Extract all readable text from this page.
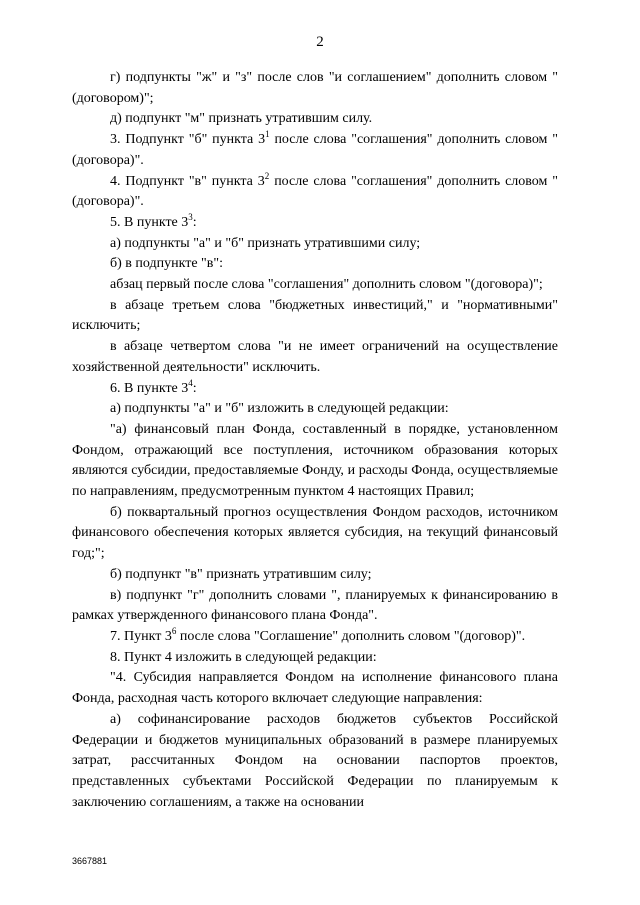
2

г) подпункты "ж" и "з" после слов "и соглашением" дополнить словом "(договором)";

д) подпункт "м" признать утратившим силу.

3. Подпункт "б" пункта $3^1$ после слова "соглашения" дополнить словом "(договора)".

4. Подпункт "в" пункта $3^2$ после слова "соглашения" дополнить словом "(договора)".

5. В пункте $3^3$:

а) подпункты "а" и "б" признать утратившими силу;

б) в подпункте "в":

абзац первый после слова "соглашения" дополнить словом "(договора)";

в абзаце третьем слова "бюджетных инвестиций," и "нормативными" исключить;

в абзаце четвертом слова "и не имеет ограничений на осуществление хозяйственной деятельности" исключить.

6. В пункте $3^4$:

а) подпункты "а" и "б" изложить в следующей редакции:

"а) финансовый план Фонда, составленный в порядке, установленном Фондом, отражающий все поступления, источником образования которых являются субсидии, предоставляемые Фонду, и расходы Фонда, осуществляемые по направлениям, предусмотренным пунктом 4 настоящих Правил;

б) поквартальный прогноз осуществления Фондом расходов, источником финансового обеспечения которых является субсидия, на текущий финансовый год;";

б) подпункт "в" признать утратившим силу;

в) подпункт "г" дополнить словами ", планируемых к финансированию в рамках утвержденного финансового плана Фонда".

7. Пункт $3^6$ после слова "Соглашение" дополнить словом "(договор)".

8. Пункт 4 изложить в следующей редакции:

"4. Субсидия направляется Фондом на исполнение финансового плана Фонда, расходная часть которого включает следующие направления:

а) софинансирование расходов бюджетов субъектов Российской Федерации и бюджетов муниципальных образований в размере планируемых затрат, рассчитанных Фондом на основании паспортов проектов, представленных субъектами Российской Федерации по планируемым к заключению соглашениям, а также на основании

3667881
